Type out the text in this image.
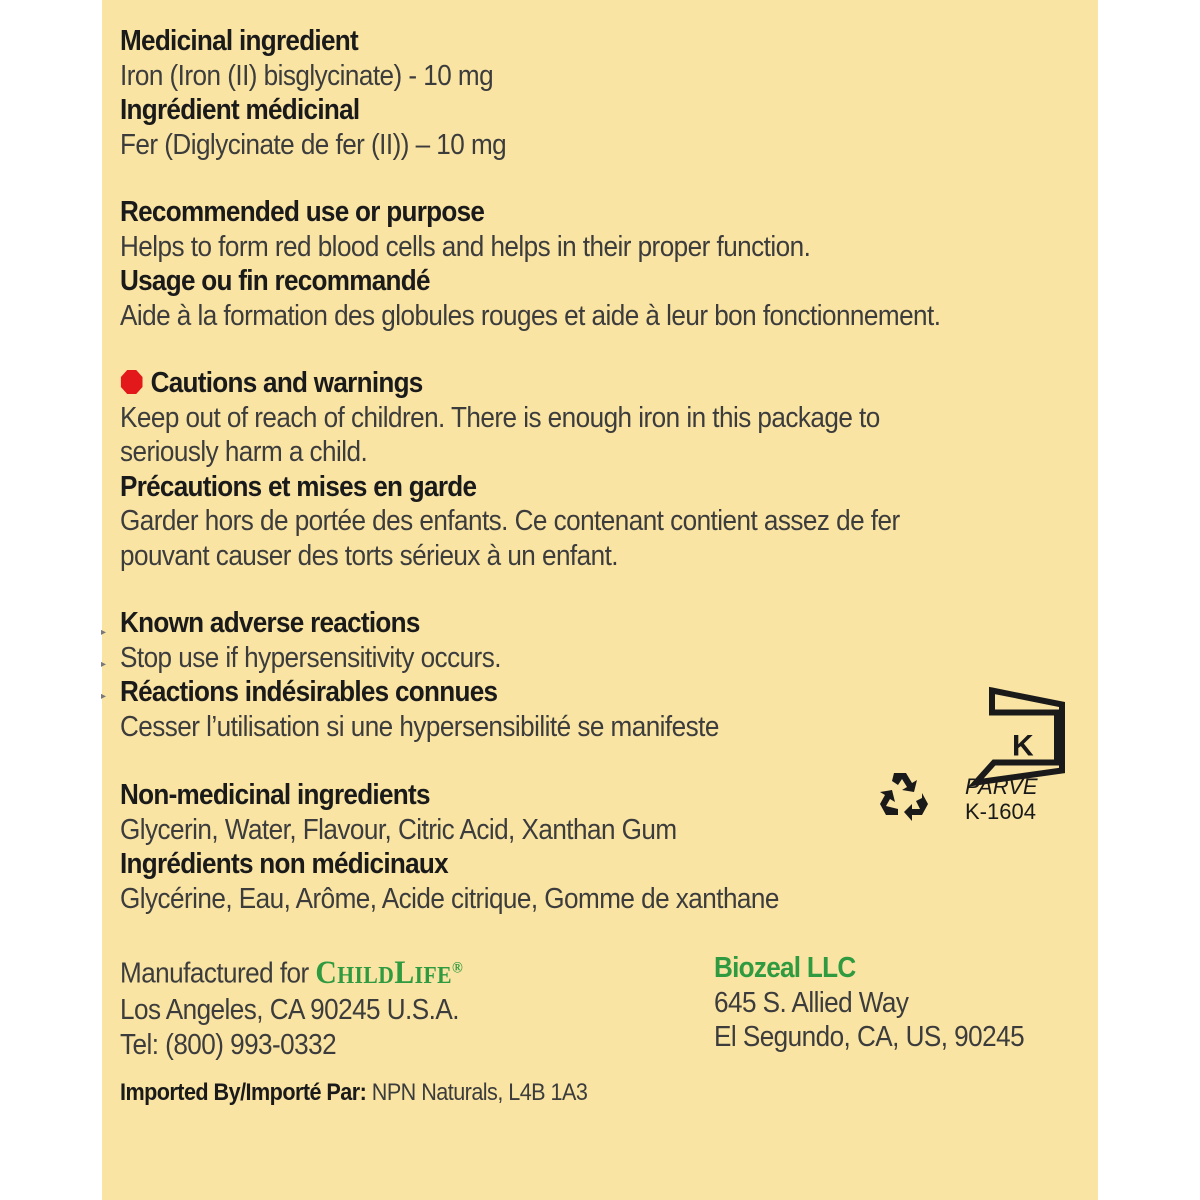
Medicinal ingredient
Iron (Iron (II) bisglycinate) - 10 mg
Ingrédient médicinal
Fer (Diglycinate de fer (II)) – 10 mg
Recommended use or purpose
Helps to form red blood cells and helps in their proper function.
Usage ou fin recommandé
Aide à la formation des globules rouges et aide à leur bon fonctionnement.
Cautions and warnings
Keep out of reach of children. There is enough iron in this package to
seriously harm a child.
Précautions et mises en garde
Garder hors de portée des enfants. Ce contenant contient assez de fer
pouvant causer des torts sérieux à un enfant.
▸
▸
▸
Known adverse reactions
Stop use if hypersensitivity occurs.
Réactions indésirables connues
Cesser l’utilisation si une hypersensibilité se manifeste
Non-medicinal ingredients
Glycerin, Water, Flavour, Citric Acid, Xanthan Gum
Ingrédients non médicinaux
Glycérine, Eau, Arôme, Acide citrique, Gomme de xanthane
Manufactured for CHILDLIFE®
Los Angeles, CA 90245 U.S.A.
Tel: (800) 993-0332
Biozeal LLC
645 S. Allied Way
El Segundo, CA, US, 90245
Imported By/Importé Par: NPN Naturals, L4B 1A3
K
PARVE
K-1604
